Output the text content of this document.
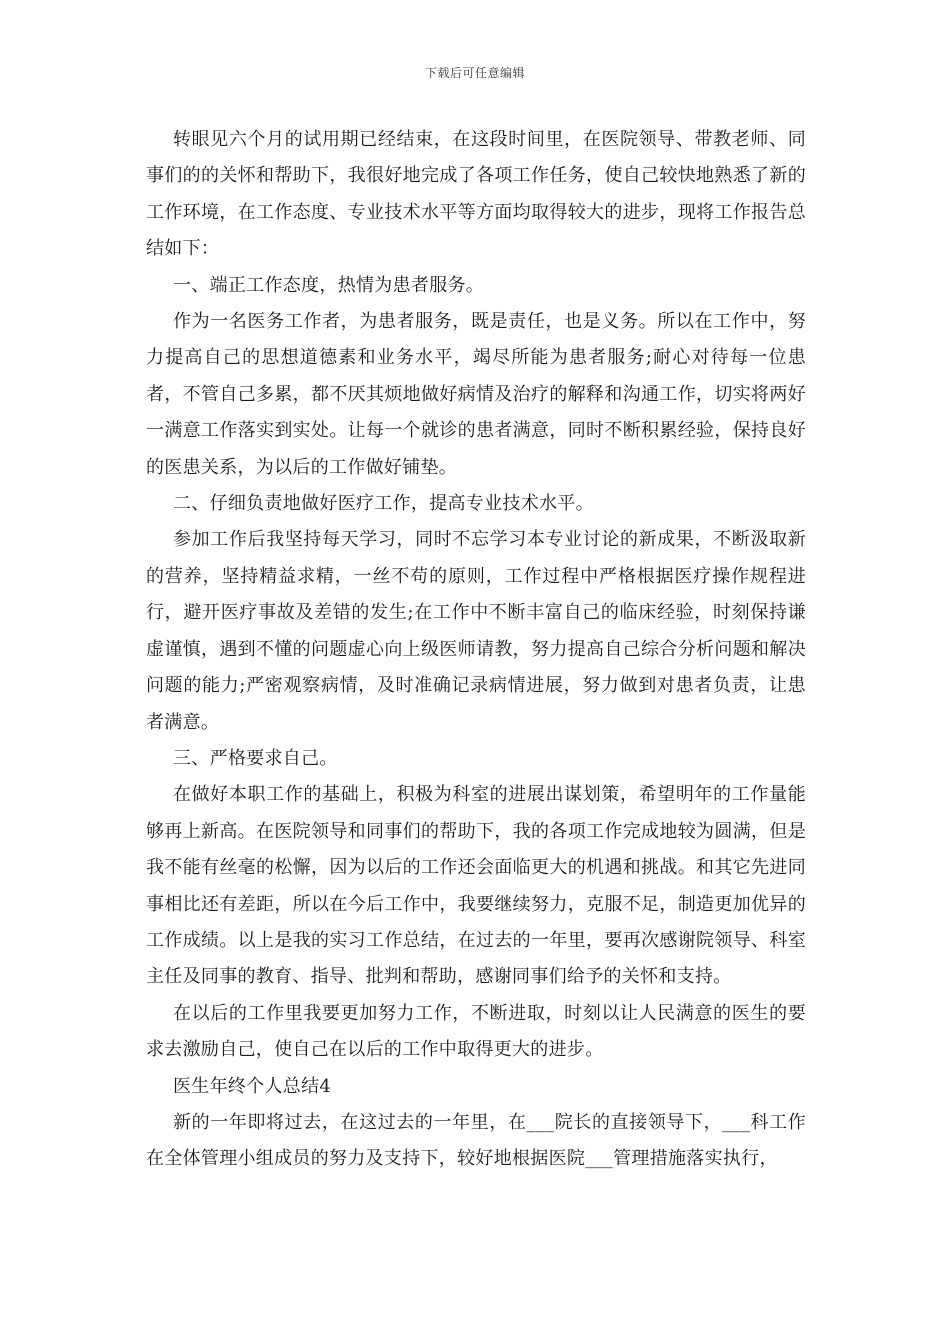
下载后可任意编辑

转眼见六个月的试用期已经结束，在这段时间里，在医院领导、带教老师、同事们的的关怀和帮助下，我很好地完成了各项工作任务，使自己较快地熟悉了新的工作环境，在工作态度、专业技术水平等方面均取得较大的进步，现将工作报告总结如下：

一、端正工作态度，热情为患者服务。

作为一名医务工作者，为患者服务，既是责任，也是义务。所以在工作中，努力提高自己的思想道德素和业务水平，竭尽所能为患者服务;耐心对待每一位患者，不管自己多累，都不厌其烦地做好病情及治疗的解释和沟通工作，切实将两好一满意工作落实到实处。让每一个就诊的患者满意，同时不断积累经验，保持良好的医患关系，为以后的工作做好铺垫。

二、仔细负责地做好医疗工作，提高专业技术水平。

参加工作后我坚持每天学习，同时不忘学习本专业讨论的新成果，不断汲取新的营养，坚持精益求精，一丝不苟的原则，工作过程中严格根据医疗操作规程进行，避开医疗事故及差错的发生;在工作中不断丰富自己的临床经验，时刻保持谦虚谨慎，遇到不懂的问题虚心向上级医师请教，努力提高自己综合分析问题和解决问题的能力;严密观察病情，及时准确记录病情进展，努力做到对患者负责，让患者满意。

三、严格要求自己。

在做好本职工作的基础上，积极为科室的进展出谋划策，希望明年的工作量能够再上新高。在医院领导和同事们的帮助下，我的各项工作完成地较为圆满，但是我不能有丝毫的松懈，因为以后的工作还会面临更大的机遇和挑战。和其它先进同事相比还有差距，所以在今后工作中，我要继续努力，克服不足，制造更加优异的工作成绩。以上是我的实习工作总结，在过去的一年里，要再次感谢院领导、科室主任及同事的教育、指导、批判和帮助，感谢同事们给予的关怀和支持。

在以后的工作里我要更加努力工作，不断进取，时刻以让人民满意的医生的要求去激励自己，使自己在以后的工作中取得更大的进步。

医生年终个人总结4

新的一年即将过去，在这过去的一年里，在___院长的直接领导下，___科工作在全体管理小组成员的努力及支持下，较好地根据医院___管理措施落实执行，
